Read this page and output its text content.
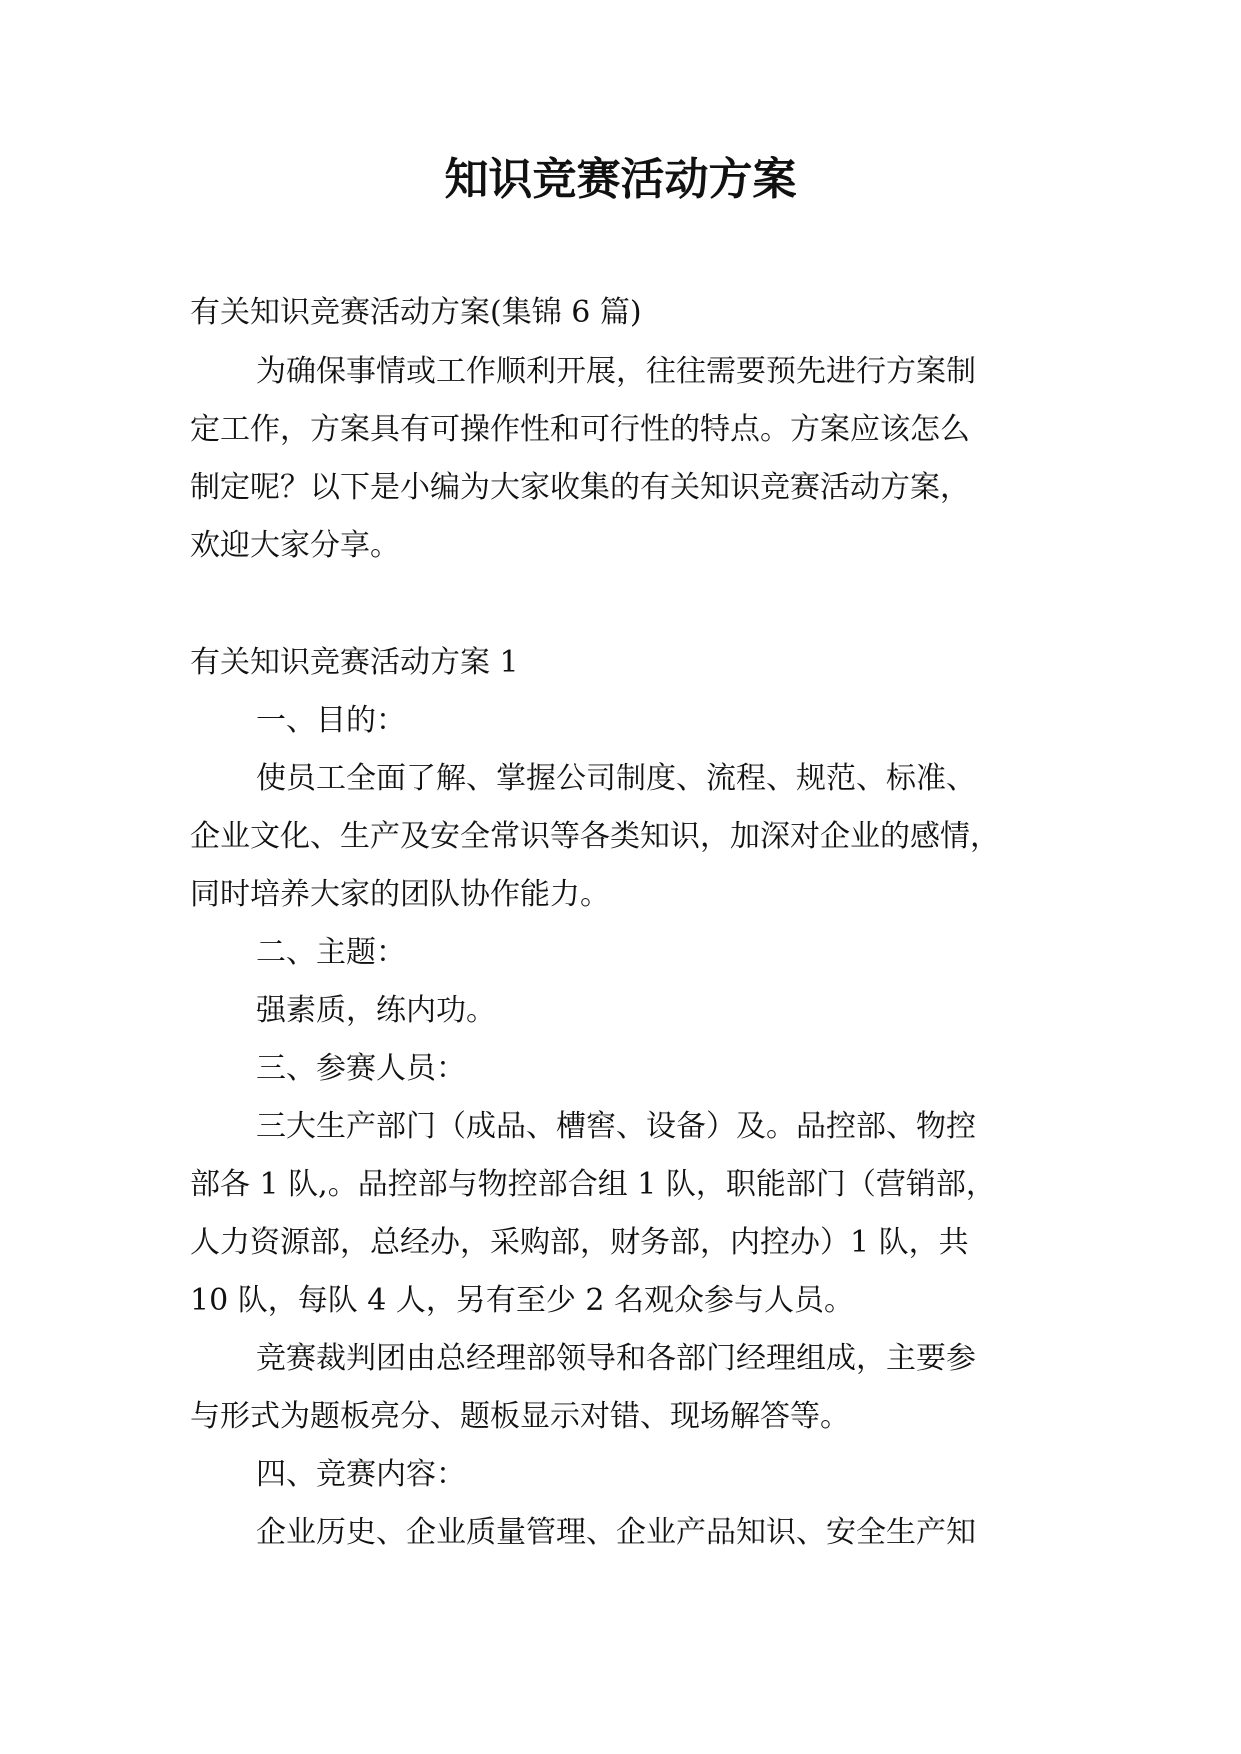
知识竞赛活动方案
有关知识竞赛活动方案(集锦 6 篇)
为确保事情或工作顺利开展，往往需要预先进行方案制
定工作，方案具有可操作性和可行性的特点。方案应该怎么
制定呢？以下是小编为大家收集的有关知识竞赛活动方案，
欢迎大家分享。
有关知识竞赛活动方案 1
一、目的：
使员工全面了解、掌握公司制度、流程、规范、标准、
企业文化、生产及安全常识等各类知识，加深对企业的感情，
同时培养大家的团队协作能力。
二、主题：
强素质，练内功。
三、参赛人员：
三大生产部门（成品、槽窖、设备）及。品控部、物控
部各 1 队,。品控部与物控部合组 1 队，职能部门（营销部，
人力资源部，总经办，采购部，财务部，内控办）1 队，共
10 队，每队 4 人，另有至少 2 名观众参与人员。
竞赛裁判团由总经理部领导和各部门经理组成，主要参
与形式为题板亮分、题板显示对错、现场解答等。
四、竞赛内容：
企业历史、企业质量管理、企业产品知识、安全生产知
